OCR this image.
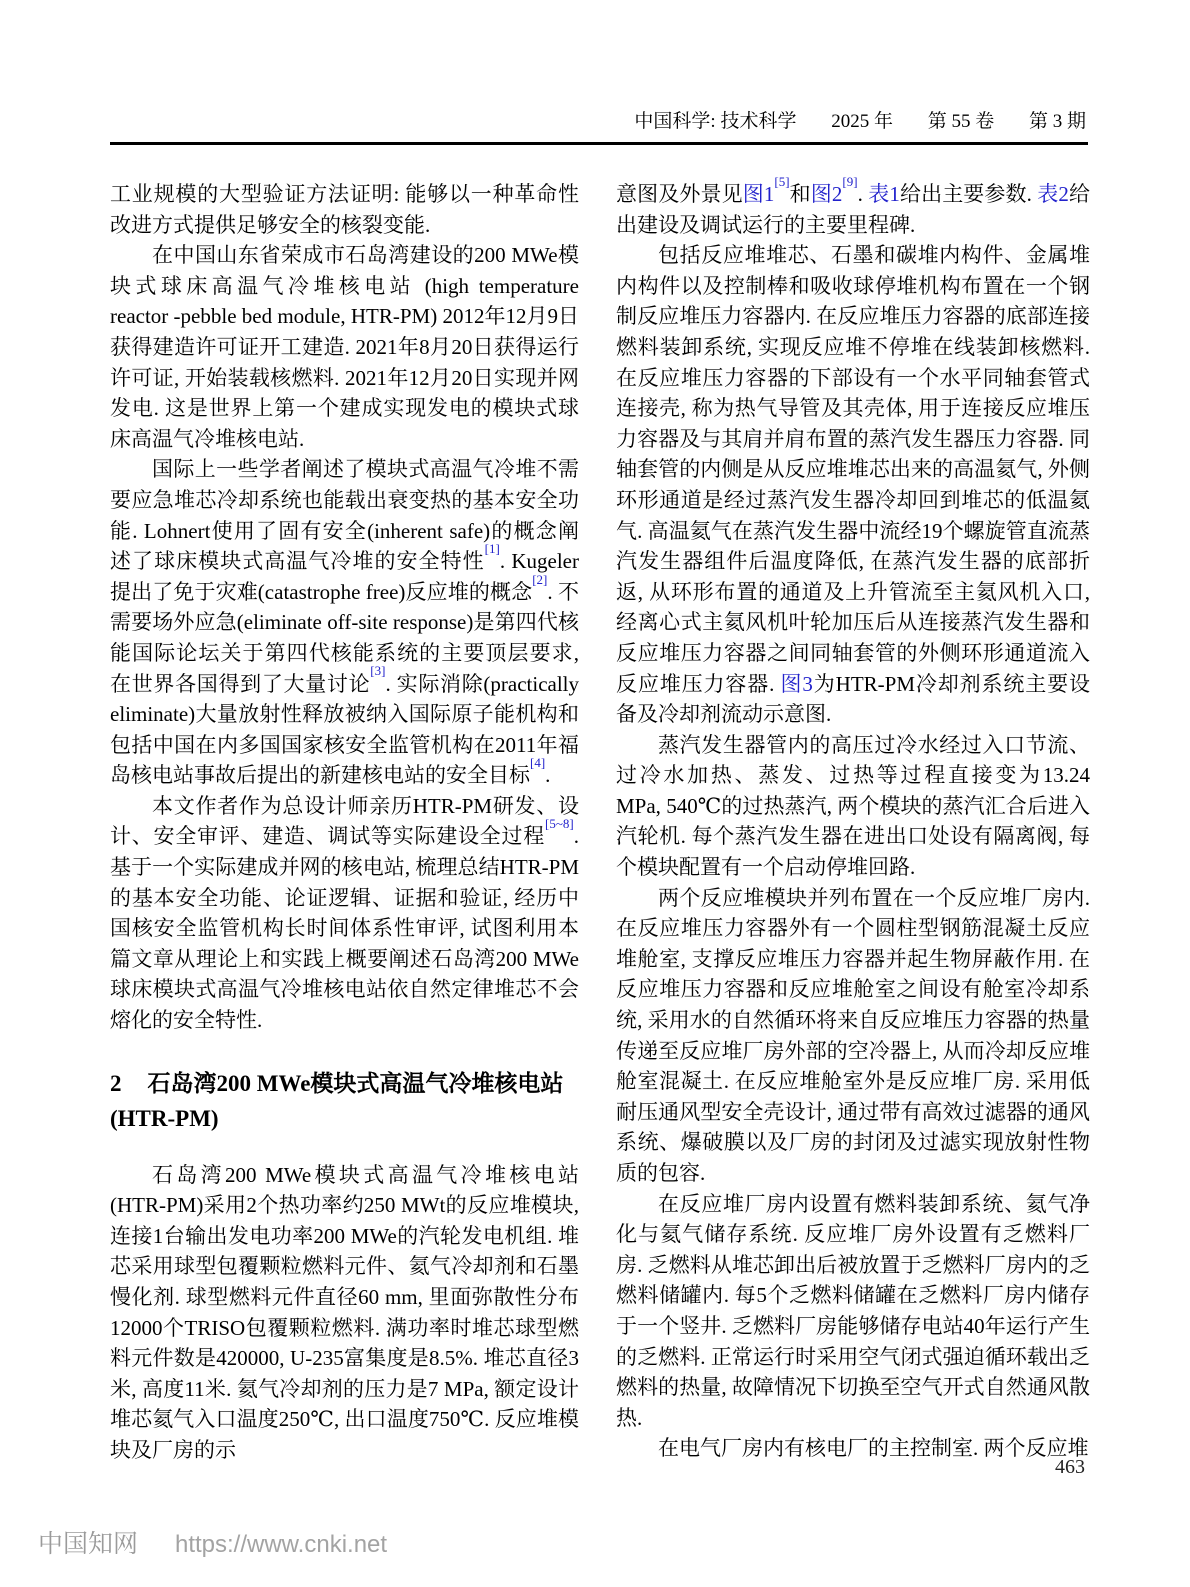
中国科学: 技术科学 2025 年 第 55 卷 第 3 期

工业规模的大型验证方法证明: 能够以一种革命性改进方式提供足够安全的核裂变能.

在中国山东省荣成市石岛湾建设的200 MWe模块式球床高温气冷堆核电站 (high temperature reactor -pebble bed module, HTR-PM) 2012年12月9日获得建造许可证开工建造. 2021年8月20日获得运行许可证, 开始装载核燃料. 2021年12月20日实现并网发电. 这是世界上第一个建成实现发电的模块式球床高温气冷堆核电站.

国际上一些学者阐述了模块式高温气冷堆不需要应急堆芯冷却系统也能载出衰变热的基本安全功能. Lohnert使用了固有安全(inherent safe)的概念阐述了球床模块式高温气冷堆的安全特性[1]. Kugeler提出了免于灾难(catastrophe free)反应堆的概念[2]. 不需要场外应急(eliminate off-site response)是第四代核能国际论坛关于第四代核能系统的主要顶层要求, 在世界各国得到了大量讨论[3]. 实际消除(practically eliminate)大量放射性释放被纳入国际原子能机构和包括中国在内多国国家核安全监管机构在2011年福岛核电站事故后提出的新建核电站的安全目标[4].

本文作者作为总设计师亲历HTR-PM研发、设计、安全审评、建造、调试等实际建设全过程[5~8]. 基于一个实际建成并网的核电站, 梳理总结HTR-PM的基本安全功能、论证逻辑、证据和验证, 经历中国核安全监管机构长时间体系性审评, 试图利用本篇文章从理论上和实践上概要阐述石岛湾200 MWe球床模块式高温气冷堆核电站依自然定律堆芯不会熔化的安全特性.

2 石岛湾200 MWe模块式高温气冷堆核电站(HTR-PM)

石岛湾200 MWe模块式高温气冷堆核电站(HTR-PM)采用2个热功率约250 MWt的反应堆模块, 连接1台输出发电功率200 MWe的汽轮发电机组. 堆芯采用球型包覆颗粒燃料元件、氦气冷却剂和石墨慢化剂. 球型燃料元件直径60 mm, 里面弥散性分布12000个TRISO包覆颗粒燃料. 满功率时堆芯球型燃料元件数是420000, U-235富集度是8.5%. 堆芯直径3米, 高度11米. 氦气冷却剂的压力是7 MPa, 额定设计堆芯氦气入口温度250℃, 出口温度750℃. 反应堆模块及厂房的示

意图及外景见图1[5]和图2[9]. 表1给出主要参数. 表2给出建设及调试运行的主要里程碑.

包括反应堆堆芯、石墨和碳堆内构件、金属堆内构件以及控制棒和吸收球停堆机构布置在一个钢制反应堆压力容器内. 在反应堆压力容器的底部连接燃料装卸系统, 实现反应堆不停堆在线装卸核燃料. 在反应堆压力容器的下部设有一个水平同轴套管式连接壳, 称为热气导管及其壳体, 用于连接反应堆压力容器及与其肩并肩布置的蒸汽发生器压力容器. 同轴套管的内侧是从反应堆堆芯出来的高温氦气, 外侧环形通道是经过蒸汽发生器冷却回到堆芯的低温氦气. 高温氦气在蒸汽发生器中流经19个螺旋管直流蒸汽发生器组件后温度降低, 在蒸汽发生器的底部折返, 从环形布置的通道及上升管流至主氦风机入口, 经离心式主氦风机叶轮加压后从连接蒸汽发生器和反应堆压力容器之间同轴套管的外侧环形通道流入反应堆压力容器. 图3为HTR-PM冷却剂系统主要设备及冷却剂流动示意图.

蒸汽发生器管内的高压过冷水经过入口节流、过冷水加热、蒸发、过热等过程直接变为13.24 MPa, 540℃的过热蒸汽, 两个模块的蒸汽汇合后进入汽轮机. 每个蒸汽发生器在进出口处设有隔离阀, 每个模块配置有一个启动停堆回路.

两个反应堆模块并列布置在一个反应堆厂房内. 在反应堆压力容器外有一个圆柱型钢筋混凝土反应堆舱室, 支撑反应堆压力容器并起生物屏蔽作用. 在反应堆压力容器和反应堆舱室之间设有舱室冷却系统, 采用水的自然循环将来自反应堆压力容器的热量传递至反应堆厂房外部的空冷器上, 从而冷却反应堆舱室混凝土. 在反应堆舱室外是反应堆厂房. 采用低耐压通风型安全壳设计, 通过带有高效过滤器的通风系统、爆破膜以及厂房的封闭及过滤实现放射性物质的包容.

在反应堆厂房内设置有燃料装卸系统、氦气净化与氦气储存系统. 反应堆厂房外设置有乏燃料厂房. 乏燃料从堆芯卸出后被放置于乏燃料厂房内的乏燃料储罐内. 每5个乏燃料储罐在乏燃料厂房内储存于一个竖井. 乏燃料厂房能够储存电站40年运行产生的乏燃料. 正常运行时采用空气闭式强迫循环载出乏燃料的热量, 故障情况下切换至空气开式自然通风散热.

在电气厂房内有核电厂的主控制室. 两个反应堆

463
中国知网 https://www.cnki.net
